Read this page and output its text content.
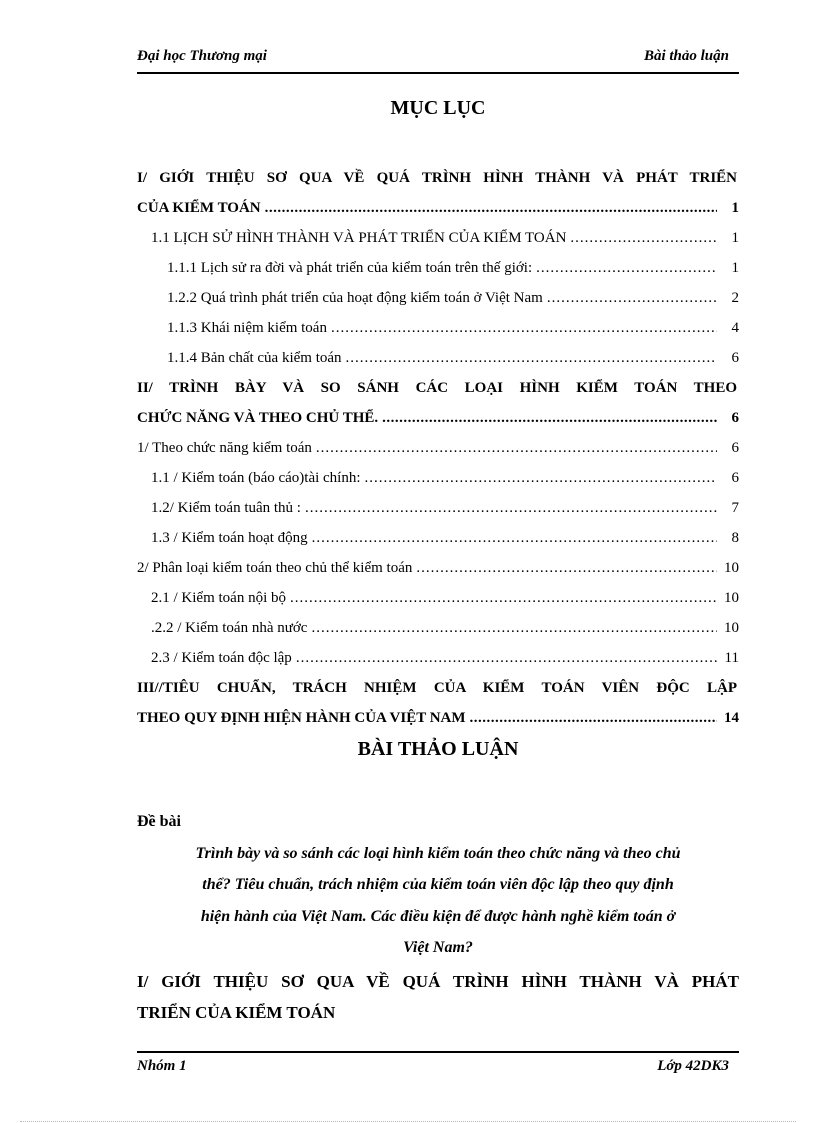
Đại học Thương mại	Bài thảo luận
MỤC LỤC
I/ GIỚI THIỆU SƠ QUA VỀ QUÁ TRÌNH HÌNH THÀNH VÀ PHÁT TRIỂN
CỦA KIỂM TOÁN .....	1
1.1 LỊCH SỬ HÌNH THÀNH VÀ PHÁT TRIỂN CỦA KIỂM TOÁN .....	1
1.1.1 Lịch sử ra đời và phát triển của kiểm toán trên thế giới: .....	1
1.2.2 Quá trình phát triển của hoạt động kiểm toán ở Việt Nam .....	2
1.1.3 Khái niệm kiểm toán .....	4
1.1.4 Bản chất của kiểm toán .....	6
II/ TRÌNH BÀY VÀ SO SÁNH CÁC LOẠI HÌNH KIỂM TOÁN THEO
CHỨC NĂNG VÀ THEO CHỦ THỂ. .....	6
1/ Theo chức năng kiểm toán .....	6
1.1 / Kiểm toán (báo cáo)tài chính: .....	6
1.2/ Kiểm toán tuân thủ : .....	7
1.3 / Kiểm toán hoạt động .....	8
2/ Phân loại kiểm toán theo chủ thể kiểm toán .....	10
2.1 / Kiểm toán nội bộ .....	10
.2.2 / Kiểm toán nhà nước .....	10
2.3 / Kiểm toán độc lập .....	11
III//TIÊU CHUẨN, TRÁCH NHIỆM CỦA KIỂM TOÁN VIÊN ĐỘC LẬP
THEO QUY ĐỊNH HIỆN HÀNH CỦA VIỆT NAM .....	14
BÀI THẢO LUẬN
Đề bài
Trình bày và so sánh các loại hình kiểm toán theo chức năng và theo chủ
thể? Tiêu chuẩn, trách nhiệm của kiểm toán viên độc lập theo quy định
hiện hành của Việt Nam. Các điều kiện để được hành nghề kiểm toán ở
Việt Nam?
I/ GIỚI THIỆU SƠ QUA VỀ QUÁ TRÌNH HÌNH THÀNH VÀ PHÁT
TRIỂN CỦA KIỂM TOÁN
Nhóm 1	Lớp 42DK3
